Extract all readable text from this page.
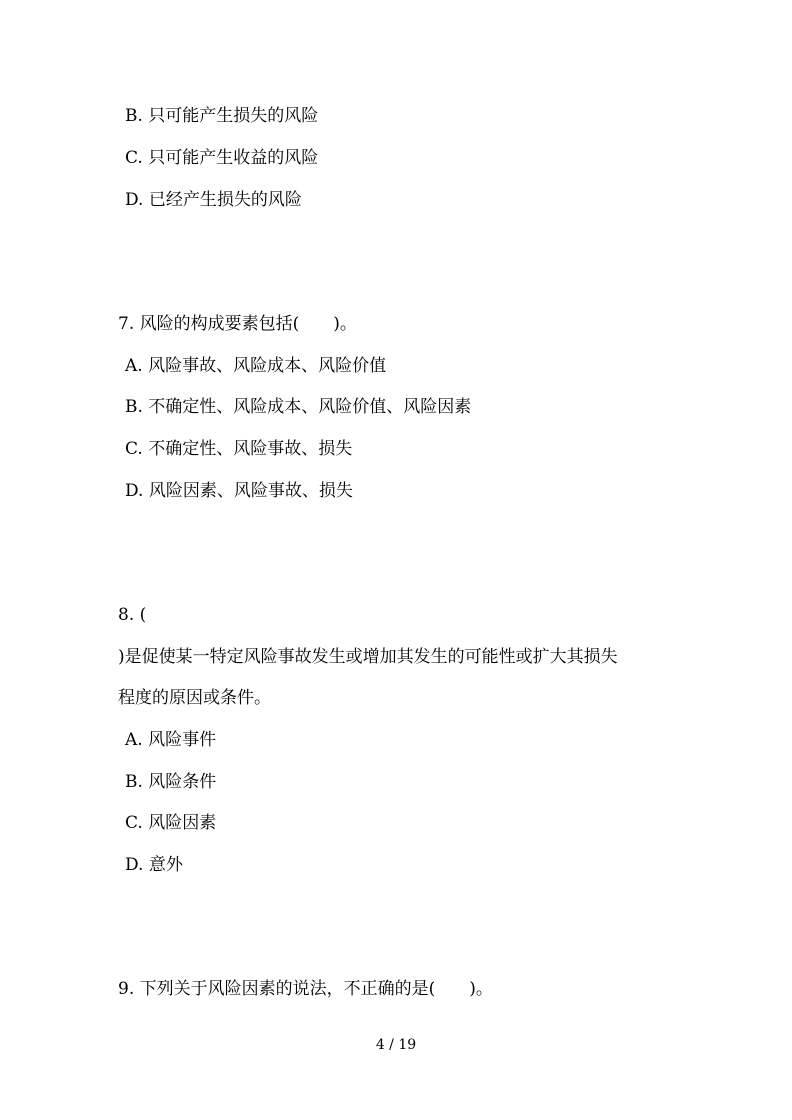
B. 只可能产生损失的风险
C. 只可能产生收益的风险
D. 已经产生损失的风险
7. 风险的构成要素包括(　　)。
A. 风险事故、风险成本、风险价值
B. 不确定性、风险成本、风险价值、风险因素
C. 不确定性、风险事故、损失
D. 风险因素、风险事故、损失
8. (
)是促使某一特定风险事故发生或增加其发生的可能性或扩大其损失
程度的原因或条件。
A. 风险事件
B. 风险条件
C. 风险因素
D. 意外
9. 下列关于风险因素的说法，不正确的是(　　)。
4 / 19
